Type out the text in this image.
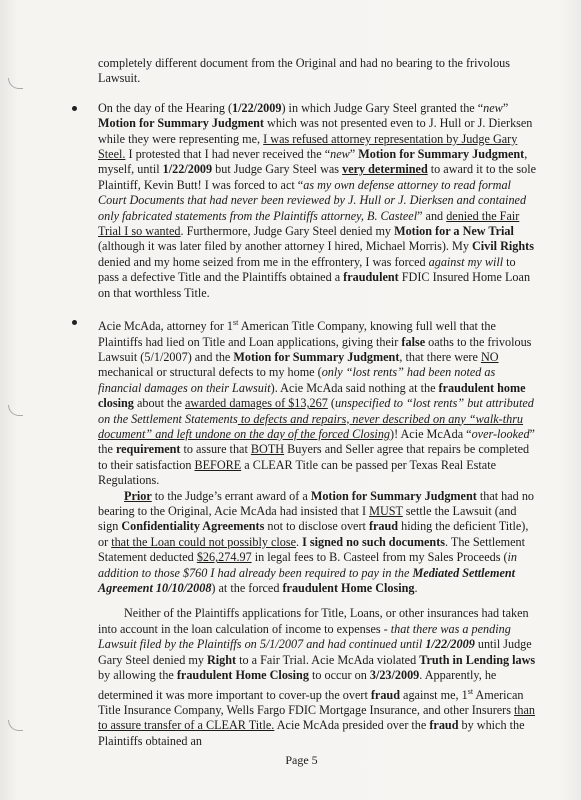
completely different document from the Original and had no bearing to the frivolous Lawsuit.

On the day of the Hearing (1/22/2009) in which Judge Gary Steel granted the “new” Motion for Summary Judgment which was not presented even to J. Hull or J. Dierksen while they were representing me, I was refused attorney representation by Judge Gary Steel. I protested that I had never received the “new” Motion for Summary Judgment, myself, until 1/22/2009 but Judge Gary Steel was very determined to award it to the sole Plaintiff, Kevin Butt! I was forced to act “as my own defense attorney to read formal Court Documents that had never been reviewed by J. Hull or J. Dierksen and contained only fabricated statements from the Plaintiffs attorney, B. Casteel” and denied the Fair Trial I so wanted. Furthermore, Judge Gary Steel denied my Motion for a New Trial (although it was later filed by another attorney I hired, Michael Morris). My Civil Rights denied and my home seized from me in the effrontery, I was forced against my will to pass a defective Title and the Plaintiffs obtained a fraudulent FDIC Insured Home Loan on that worthless Title.

Acie McAda, attorney for 1st American Title Company, knowing full well that the Plaintiffs had lied on Title and Loan applications, giving their false oaths to the frivolous Lawsuit (5/1/2007) and the Motion for Summary Judgment, that there were NO mechanical or structural defects to my home (only “lost rents” had been noted as financial damages on their Lawsuit). Acie McAda said nothing at the fraudulent home closing about the awarded damages of $13,267 (unspecified to “lost rents” but attributed on the Settlement Statements to defects and repairs, never described on any “walk-thru document” and left undone on the day of the forced Closing)! Acie McAda “over-looked” the requirement to assure that BOTH Buyers and Seller agree that repairs be completed to their satisfaction BEFORE a CLEAR Title can be passed per Texas Real Estate Regulations.

Prior to the Judge’s errant award of a Motion for Summary Judgment that had no bearing to the Original, Acie McAda had insisted that I MUST settle the Lawsuit (and sign Confidentiality Agreements not to disclose overt fraud hiding the deficient Title), or that the Loan could not possibly close. I signed no such documents. The Settlement Statement deducted $26,274.97 in legal fees to B. Casteel from my Sales Proceeds (in addition to those $760 I had already been required to pay in the Mediated Settlement Agreement 10/10/2008) at the forced fraudulent Home Closing.

Neither of the Plaintiffs applications for Title, Loans, or other insurances had taken into account in the loan calculation of income to expenses - that there was a pending Lawsuit filed by the Plaintiffs on 5/1/2007 and had continued until 1/22/2009 until Judge Gary Steel denied my Right to a Fair Trial. Acie McAda violated Truth in Lending laws by allowing the fraudulent Home Closing to occur on 3/23/2009. Apparently, he determined it was more important to cover-up the overt fraud against me, 1st American Title Insurance Company, Wells Fargo FDIC Mortgage Insurance, and other Insurers than to assure transfer of a CLEAR Title. Acie McAda presided over the fraud by which the Plaintiffs obtained an

Page 5
